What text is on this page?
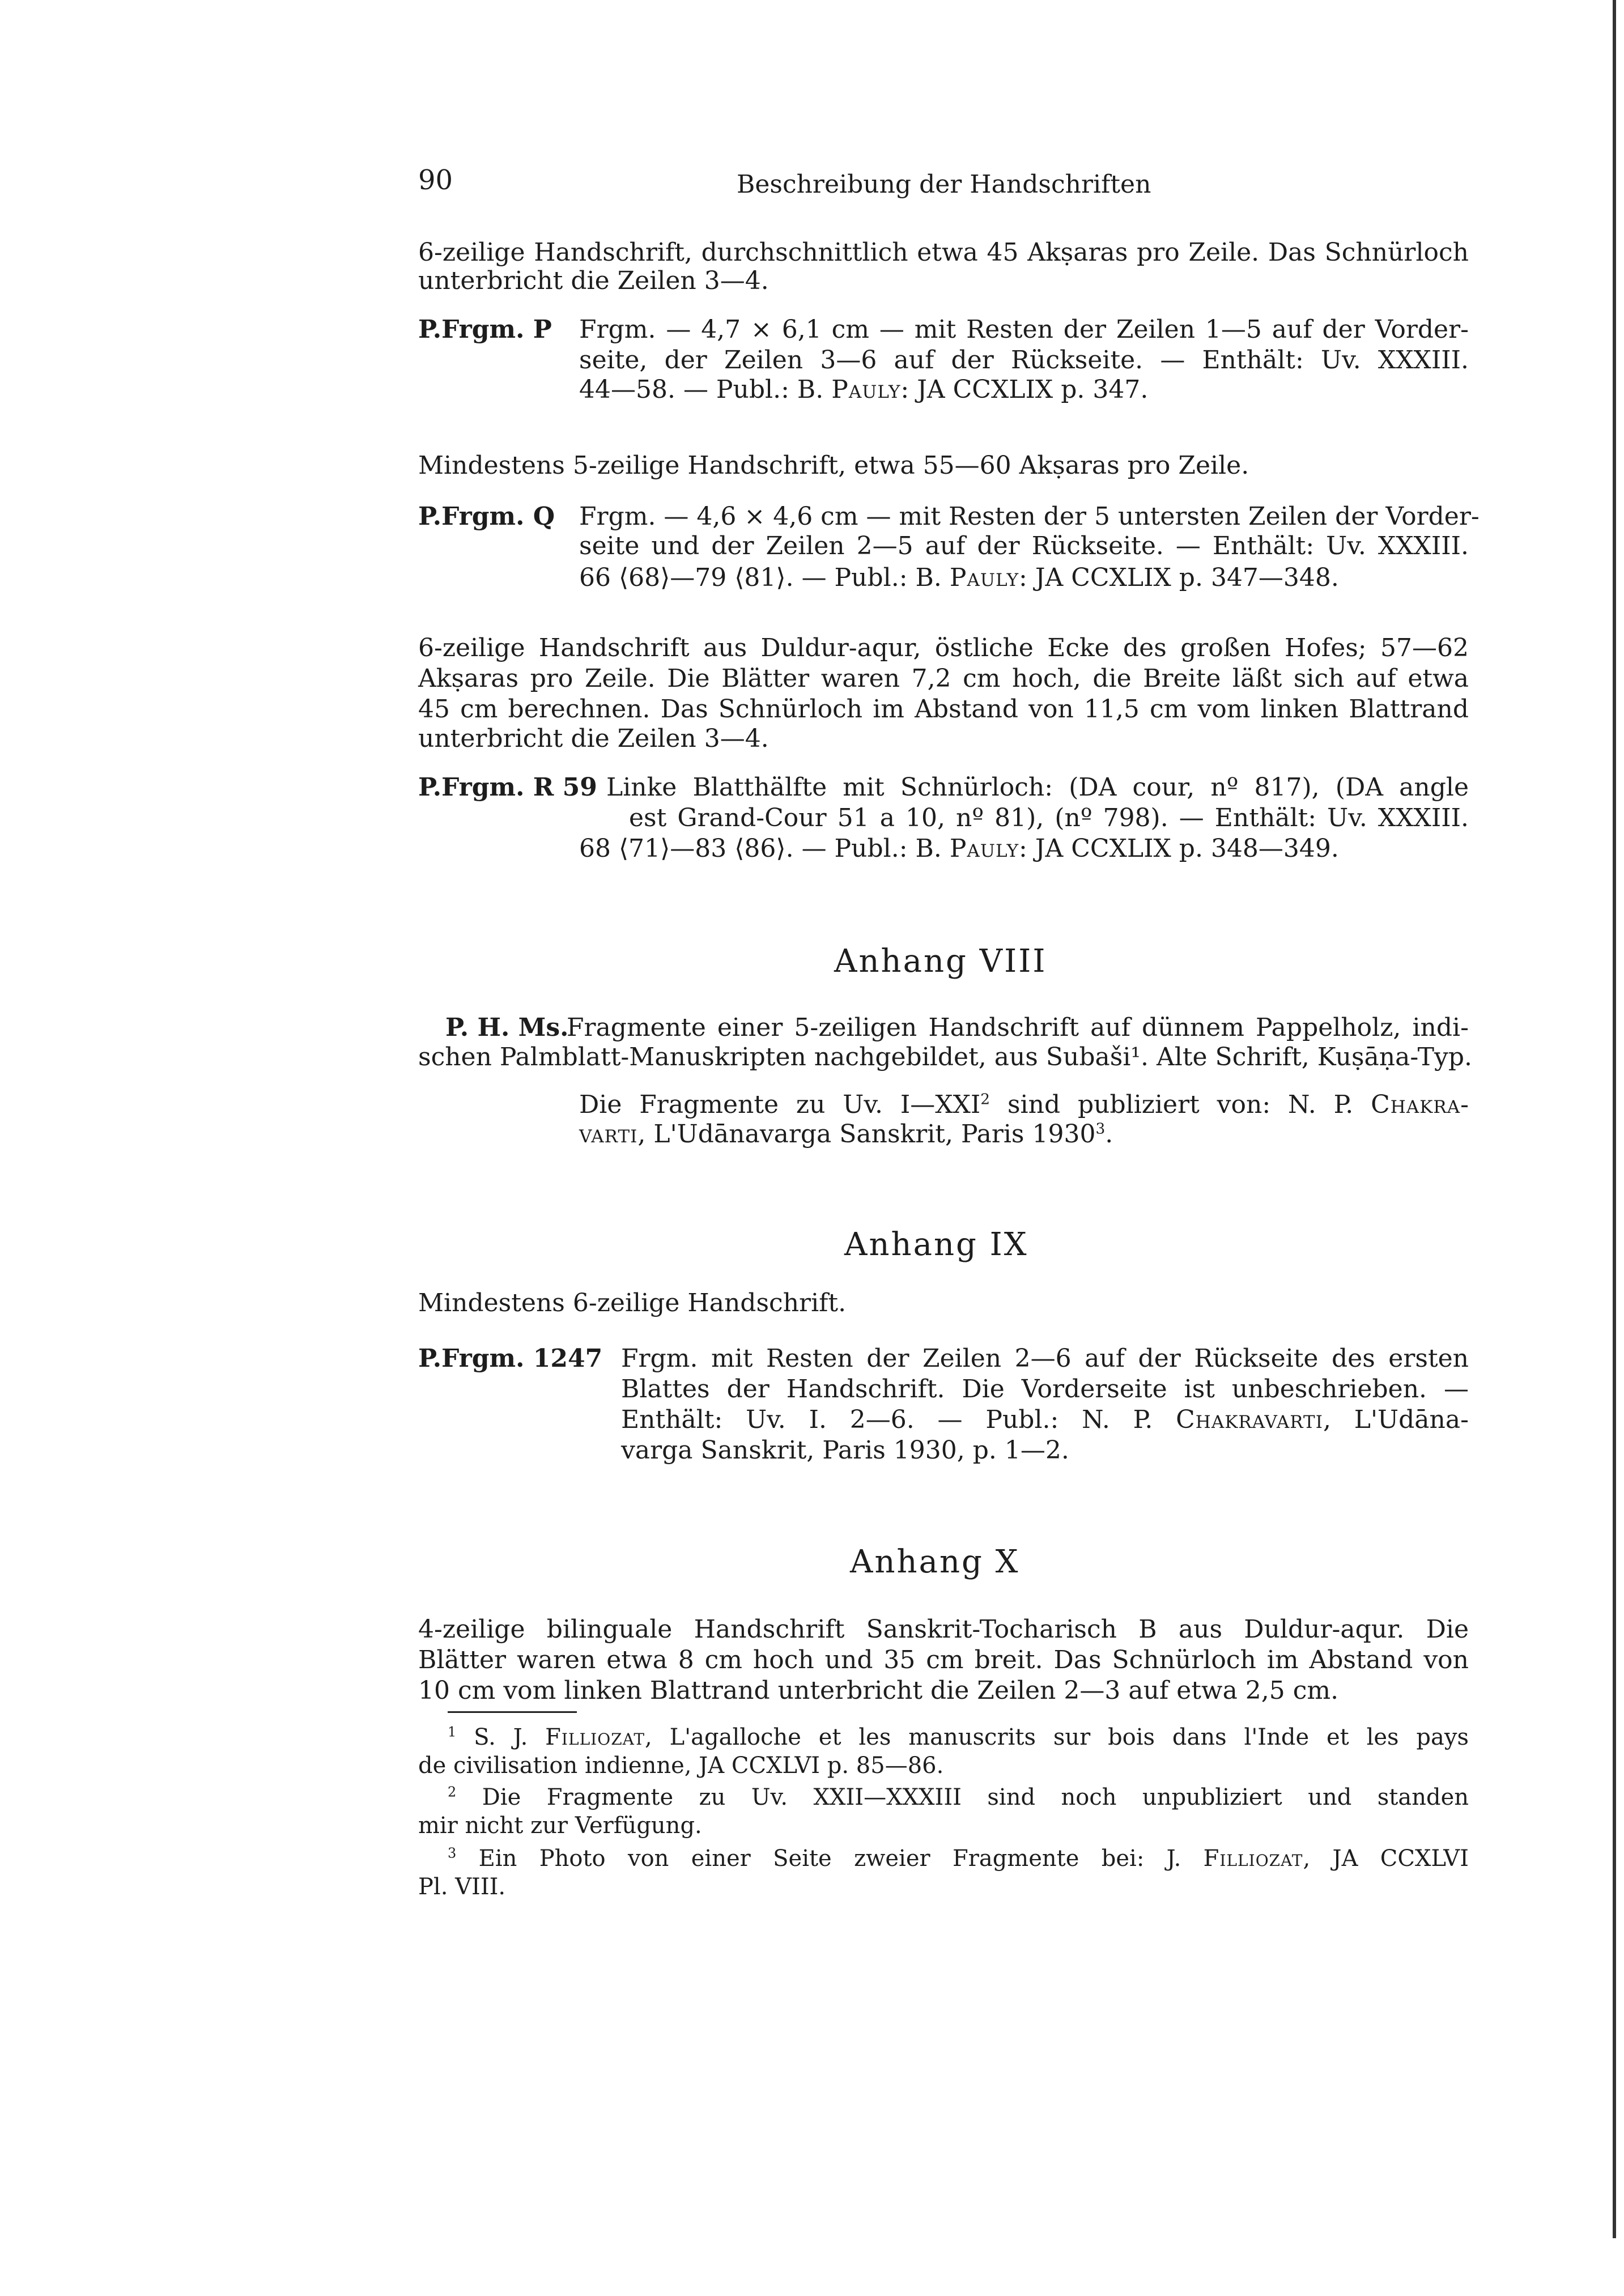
90	Beschreibung der Handschriften
6-zeilige Handschrift, durchschnittlich etwa 45 Akṣaras pro Zeile. Das Schnürloch
unterbricht die Zeilen 3—4.
P.Frgm. P Frgm. — 4,7 × 6,1 cm — mit Resten der Zeilen 1—5 auf der Vorder-
seite, der Zeilen 3—6 auf der Rückseite. — Enthält: Uv. XXXIII.
44—58. — Publ.: B. Pauly: JA CCXLIX p. 347.
Mindestens 5-zeilige Handschrift, etwa 55—60 Akṣaras pro Zeile.
P.Frgm. Q Frgm. — 4,6 × 4,6 cm — mit Resten der 5 untersten Zeilen der Vorder-
seite und der Zeilen 2—5 auf der Rückseite. — Enthält: Uv. XXXIII.
66 ⟨68⟩—79 ⟨81⟩. — Publ.: B. Pauly: JA CCXLIX p. 347—348.
6-zeilige Handschrift aus Duldur-aqur, östliche Ecke des großen Hofes; 57—62
Akṣaras pro Zeile. Die Blätter waren 7,2 cm hoch, die Breite läßt sich auf etwa
45 cm berechnen. Das Schnürloch im Abstand von 11,5 cm vom linken Blattrand
unterbricht die Zeilen 3—4.
P.Frgm. R 59 Linke Blatthälfte mit Schnürloch: (DA cour, nº 817), (DA angle
est Grand-Cour 51 a 10, nº 81), (nº 798). — Enthält: Uv. XXXIII.
68 ⟨71⟩—83 ⟨86⟩. — Publ.: B. Pauly: JA CCXLIX p. 348—349.
Anhang VIII
P. H. Ms.
Fragmente einer 5-zeiligen Handschrift auf dünnem Pappelholz, indi-
schen Palmblatt-Manuskripten nachgebildet, aus Subaši¹. Alte Schrift, Kuṣāṇa-Typ.
Die Fragmente zu Uv. I—XXI$^2$ sind publiziert von: N. P. Chakra-
varti, L'Udānavarga Sanskrit, Paris 1930$^3$.
Anhang IX
Mindestens 6-zeilige Handschrift.
P.Frgm. 1247 Frgm. mit Resten der Zeilen 2—6 auf der Rückseite des ersten
Blattes der Handschrift. Die Vorderseite ist unbeschrieben. —
Enthält: Uv. I. 2—6. — Publ.: N. P. Chakravarti, L'Udāna-
varga Sanskrit, Paris 1930, p. 1—2.
Anhang X
4-zeilige bilinguale Handschrift Sanskrit-Tocharisch B aus Duldur-aqur. Die
Blätter waren etwa 8 cm hoch und 35 cm breit. Das Schnürloch im Abstand von
10 cm vom linken Blattrand unterbricht die Zeilen 2—3 auf etwa 2,5 cm.
$^1$ S. J. Filliozat, L'agalloche et les manuscrits sur bois dans l'Inde et les pays
de civilisation indienne, JA CCXLVI p. 85—86.
$^2$ Die Fragmente zu Uv. XXII—XXXIII sind noch unpubliziert und standen
mir nicht zur Verfügung.
$^3$ Ein Photo von einer Seite zweier Fragmente bei: J. Filliozat, JA CCXLVI
Pl. VIII.
